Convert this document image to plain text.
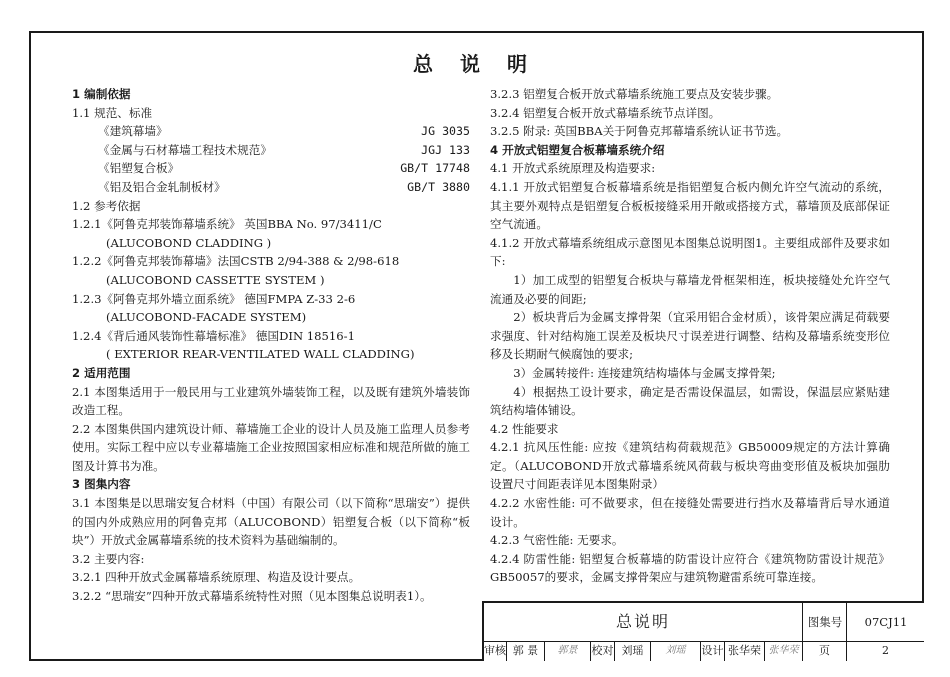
总 说 明
1 编制依据
1.1 规范、标准
《建筑幕墙》	JG 3035
《金属与石材幕墙工程技术规范》	JGJ 133
《铝塑复合板》	GB/T 17748
《铝及铝合金轧制板材》	GB/T 3880
1.2 参考依据
1.2.1《阿鲁克邦装饰幕墙系统》 英国BBA No. 97/3411/C
(ALUCOBOND CLADDING )
1.2.2《阿鲁克邦装饰幕墙》法国CSTB 2/94-388 & 2/98-618
(ALUCOBOND CASSETTE SYSTEM )
1.2.3《阿鲁克邦外墙立面系统》 德国FMPA Z-33 2-6
(ALUCOBOND-FACADE SYSTEM)
1.2.4《背后通风装饰性幕墙标准》 德国DIN 18516-1
( EXTERIOR REAR-VENTILATED WALL CLADDING)
2 适用范围
2.1 本图集适用于一般民用与工业建筑外墙装饰工程，以及既有建筑外墙装饰改造工程。
2.2 本图集供国内建筑设计师、幕墙施工企业的设计人员及施工监理人员参考使用。实际工程中应以专业幕墙施工企业按照国家相应标准和规范所做的施工图及计算书为准。
3 图集内容
3.1 本图集是以思瑞安复合材料（中国）有限公司（以下简称“思瑞安”）提供的国内外成熟应用的阿鲁克邦（ALUCOBOND）铝塑复合板（以下简称“板块”）开放式金属幕墙系统的技术资料为基础编制的。
3.2 主要内容:
3.2.1 四种开放式金属幕墙系统原理、构造及设计要点。
3.2.2 “思瑞安”四种开放式幕墙系统特性对照（见本图集总说明表1）。
3.2.3 铝塑复合板开放式幕墙系统施工要点及安装步骤。
3.2.4 铝塑复合板开放式幕墙系统节点详图。
3.2.5 附录: 英国BBA关于阿鲁克邦幕墙系统认证书节选。
4 开放式铝塑复合板幕墙系统介绍
4.1 开放式系统原理及构造要求:
4.1.1 开放式铝塑复合板幕墙系统是指铝塑复合板内侧允许空气流动的系统，其主要外观特点是铝塑复合板板接缝采用开敞或搭接方式，幕墙顶及底部保证空气流通。
4.1.2 开放式幕墙系统组成示意图见本图集总说明图1。主要组成部件及要求如下:
1）加工成型的铝塑复合板块与幕墙龙骨框架相连，板块接缝处允许空气流通及必要的间距;
2）板块背后为金属支撑骨架（宜采用铝合金材质），该骨架应满足荷载要求强度、针对结构施工误差及板块尺寸误差进行调整、结构及幕墙系统变形位移及长期耐气候腐蚀的要求;
3）金属转接件: 连接建筑结构墙体与金属支撑骨架;
4）根据热工设计要求，确定是否需设保温层，如需设，保温层应紧贴建筑结构墙体铺设。
4.2 性能要求
4.2.1 抗风压性能: 应按《建筑结构荷载规范》GB50009规定的方法计算确定。（ALUCOBOND开放式幕墙系统风荷载与板块弯曲变形值及板块加强肋设置尺寸间距表详见本图集附录）
4.2.2 水密性能: 可不做要求，但在接缝处需要进行挡水及幕墙背后导水通道设计。
4.2.3 气密性能: 无要求。
4.2.4 防雷性能: 铝塑复合板幕墙的防雷设计应符合《建筑物防雷设计规范》GB50057的要求，金属支撑骨架应与建筑物避雷系统可靠连接。
总说明	图集号	07CJ11
审核 郭 景	郭景	校对 刘瑶	刘瑶	设计 张华荣 张华荣	页	2
